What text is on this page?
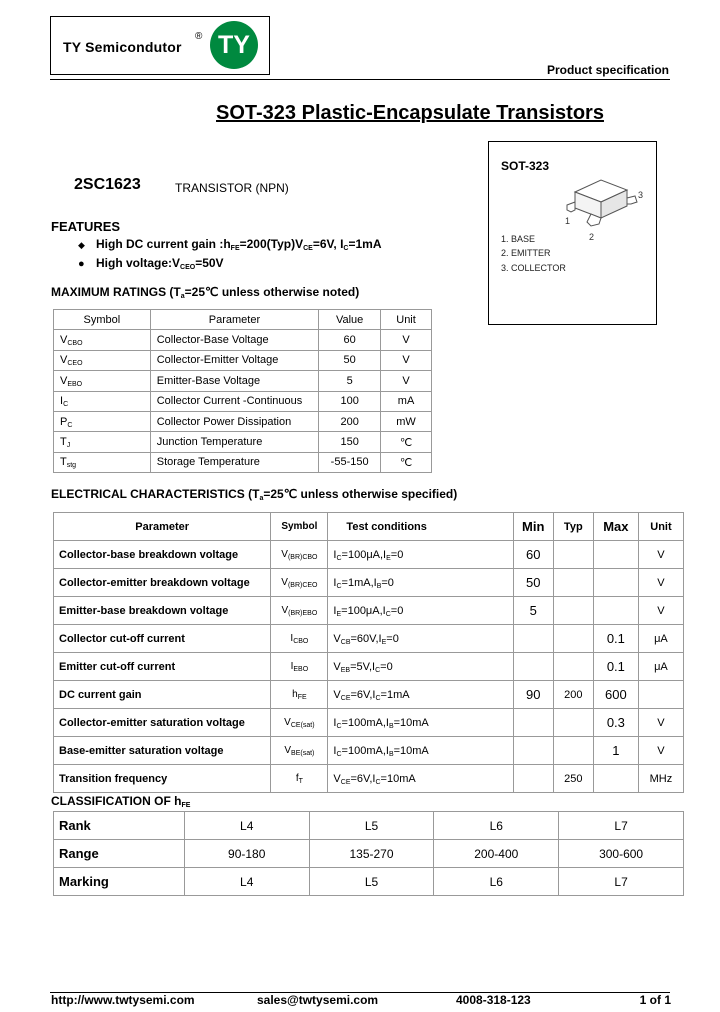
TY Semicondutor
® TY
Product specification
SOT-323 Plastic-Encapsulate Transistors
SOT-323
1
2
3
1. BASE
2. EMITTER
3. COLLECTOR
2SC1623	TRANSISTOR (NPN)
FEATURES
◆ High DC current gain $:h_{FE}=200(Typ)V_{CE}=6V$, $I_C=1mA$
● High $voltage:V_{CEO}=50V$
MAXIMUM RATINGS ($T_a=25℃$ unless otherwise noted)
Symbol	Parameter	Value	Unit
$V_{CBO}$	Collector-Base Voltage	60	V
$V_{CEO}$	Collector-Emitter Voltage	50	V
$V_{EBO}$	Emitter-Base Voltage	5	V
$I_C$	Collector Current -Continuous	100	mA
$P_C$	Collector Power Dissipation	200	mW
$T_J$	Junction Temperature	150	℃
$T_{stg}$	Storage Temperature	-55-150	℃
ELECTRICAL CHARACTERISTICS ($T_a=25℃$ unless otherwise specified)
Parameter	Symbol	Test conditions	Min	Typ	Max	Unit
Collector-base breakdown voltage	$V_{(BR)CBO}$	$I_C=100\mu A,I_E=0$	60			V
Collector-emitter breakdown voltage	$V_{(BR)CEO}$	$I_C=1mA,I_B=0$	50			V
Emitter-base breakdown voltage	$V_{(BR)EBO}$	$I_E=100\mu A,I_C=0$	5			V
Collector cut-off current	$I_{CBO}$	$V_{CB}=60V,I_E=0$			0.1	μA
Emitter cut-off current	$I_{EBO}$	$V_{EB}=5V,I_C=0$			0.1	μA
DC current gain	$h_{FE}$	$V_{CE}=6V,I_C=1mA$	90	200	600	
Collector-emitter saturation voltage	$V_{CE(sat)}$	$I_C=100mA,I_B=10mA$			0.3	V
Base-emitter saturation voltage	$V_{BE(sat)}$	$I_C=100mA,I_B=10mA$			1	V
Transition frequency	$f_T$	$V_{CE}=6V,I_C=10mA$		250		MHz
CLASSIFICATION OF $h_{FE}$
Rank	L4	L5	L6	L7
Range	90-180	135-270	200-400	300-600
Marking	L4	L5	L6	L7
http://www.twtysemi.com	sales@twtysemi.com	4008-318-123	1 of 1
